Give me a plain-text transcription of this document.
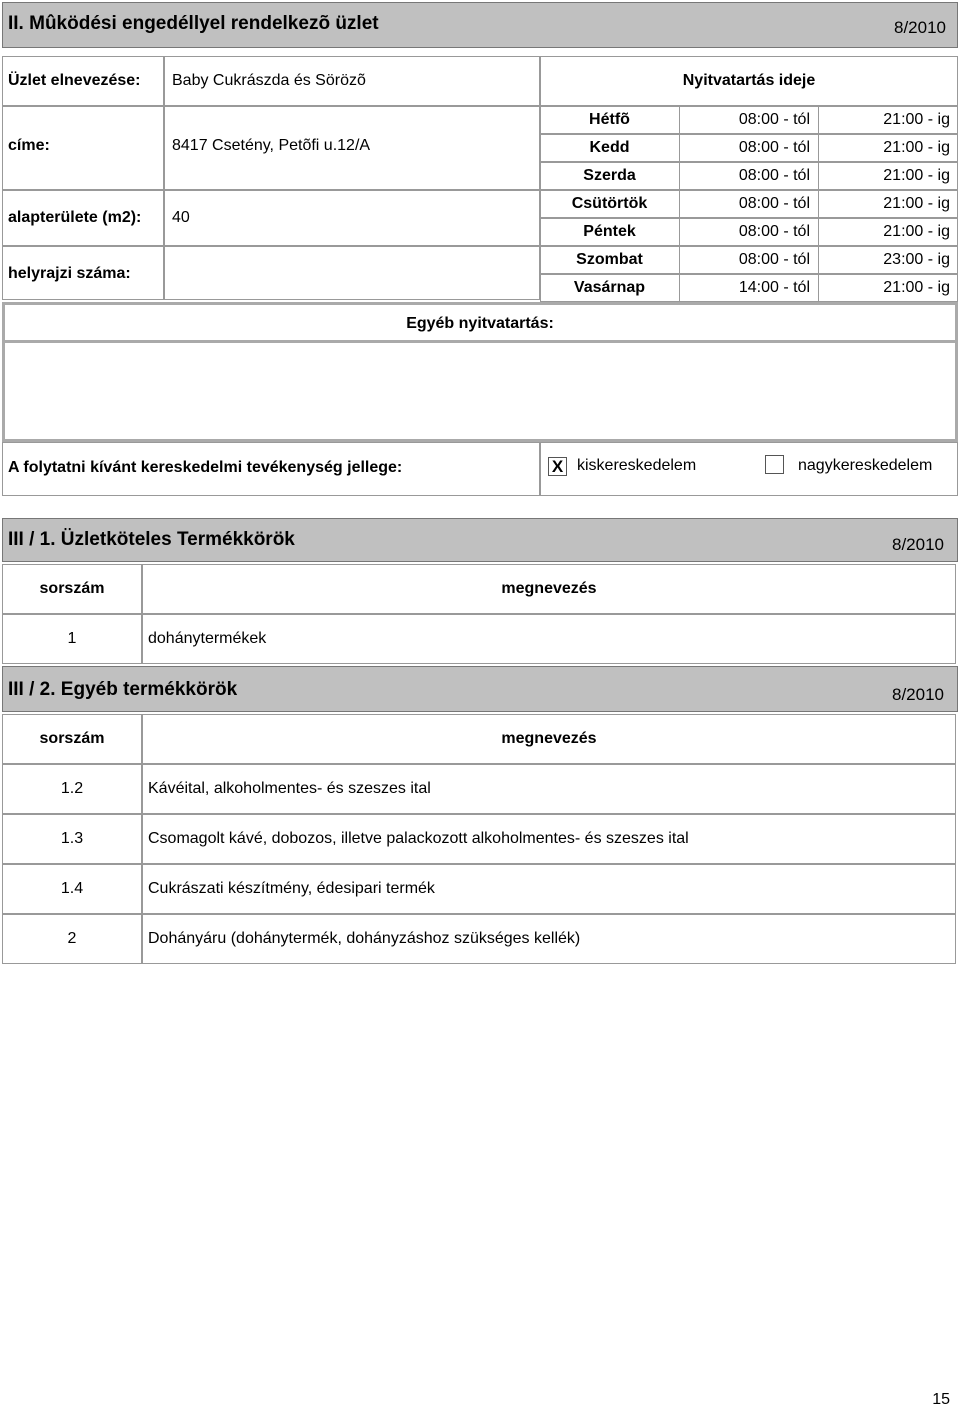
II. Mûködési engedéllyel rendelkezõ üzlet	8/2010
Üzlet elnevezése: Baby Cukrászda és Sörözõ
címe:	8417 Csetény, Petõfi u.12/A
alapterülete (m2): 40
helyrajzi száma:
Nyitvatartás ideje
Hétfõ	08:00 - tól	21:00 - ig
Kedd	08:00 - tól	21:00 - ig
Szerda	08:00 - tól	21:00 - ig
Csütörtök	08:00 - tól	21:00 - ig
Péntek	08:00 - tól	21:00 - ig
Szombat	08:00 - tól	23:00 - ig
Vasárnap	14:00 - tól	21:00 - ig
Egyéb nyitvatartás:
A folytatni kívánt kereskedelmi tevékenység jellege:	X kiskereskedelem	nagykereskedelem
III / 1. Üzletköteles Termékkörök	8/2010
sorszám	megnevezés
1	dohánytermékek
III / 2. Egyéb termékkörök	8/2010
sorszám	megnevezés
1.2	Kávéital, alkoholmentes- és szeszes ital
1.3	Csomagolt kávé, dobozos, illetve palackozott alkoholmentes- és szeszes ital
1.4	Cukrászati készítmény, édesipari termék
2	Dohányáru (dohánytermék, dohányzáshoz szükséges kellék)
15
